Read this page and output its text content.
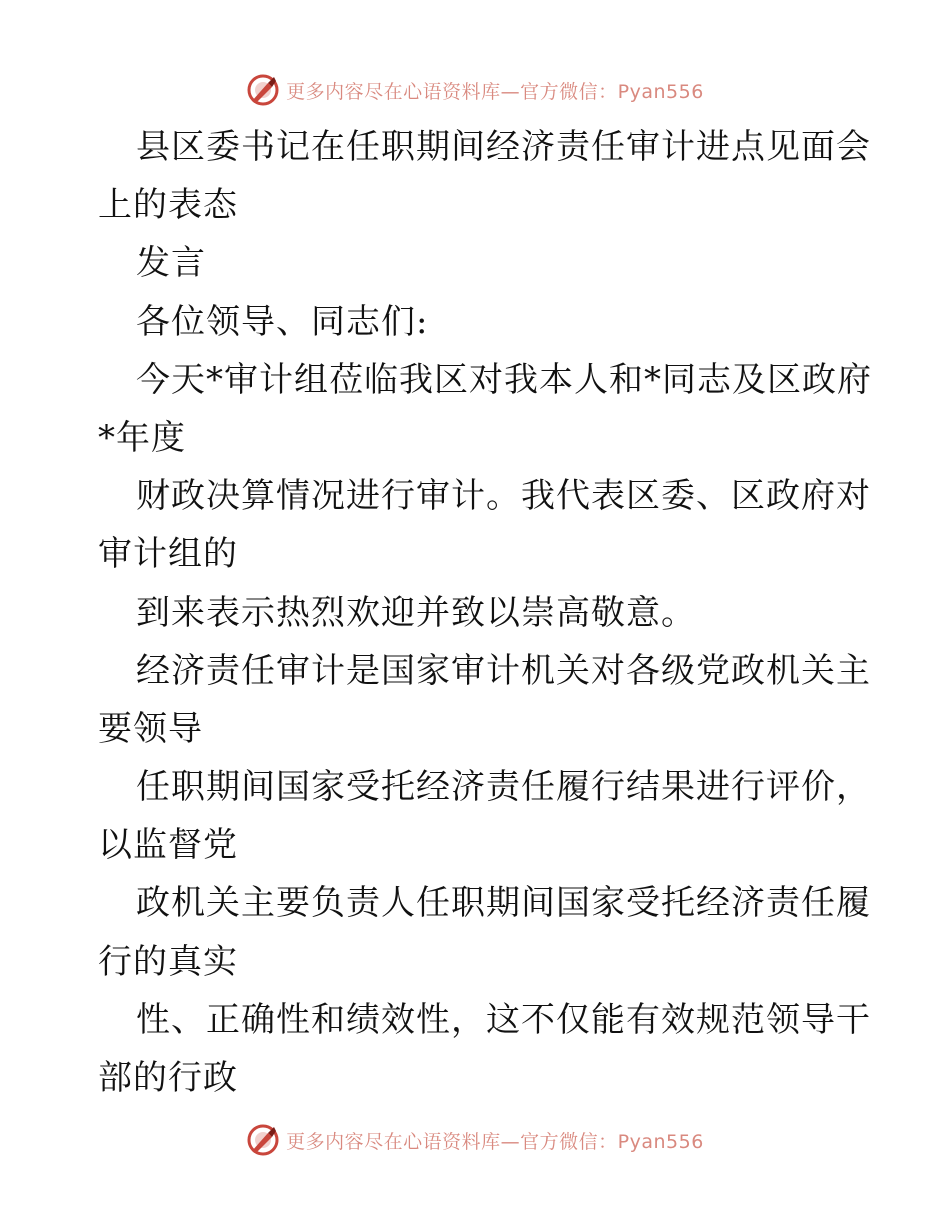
更多内容尽在心语资料库—官方微信：Pyan556
县区委书记在任职期间经济责任审计进点见面会
上的表态
发言
各位领导、同志们:
今天*审计组莅临我区对我本人和*同志及区政府
*年度
财政决算情况进行审计。我代表区委、区政府对
审计组的
到来表示热烈欢迎并致以崇高敬意。
经济责任审计是国家审计机关对各级党政机关主
要领导
任职期间国家受托经济责任履行结果进行评价，
以监督党
政机关主要负责人任职期间国家受托经济责任履
行的真实
性、正确性和绩效性，这不仅能有效规范领导干
部的行政
更多内容尽在心语资料库—官方微信：Pyan556
